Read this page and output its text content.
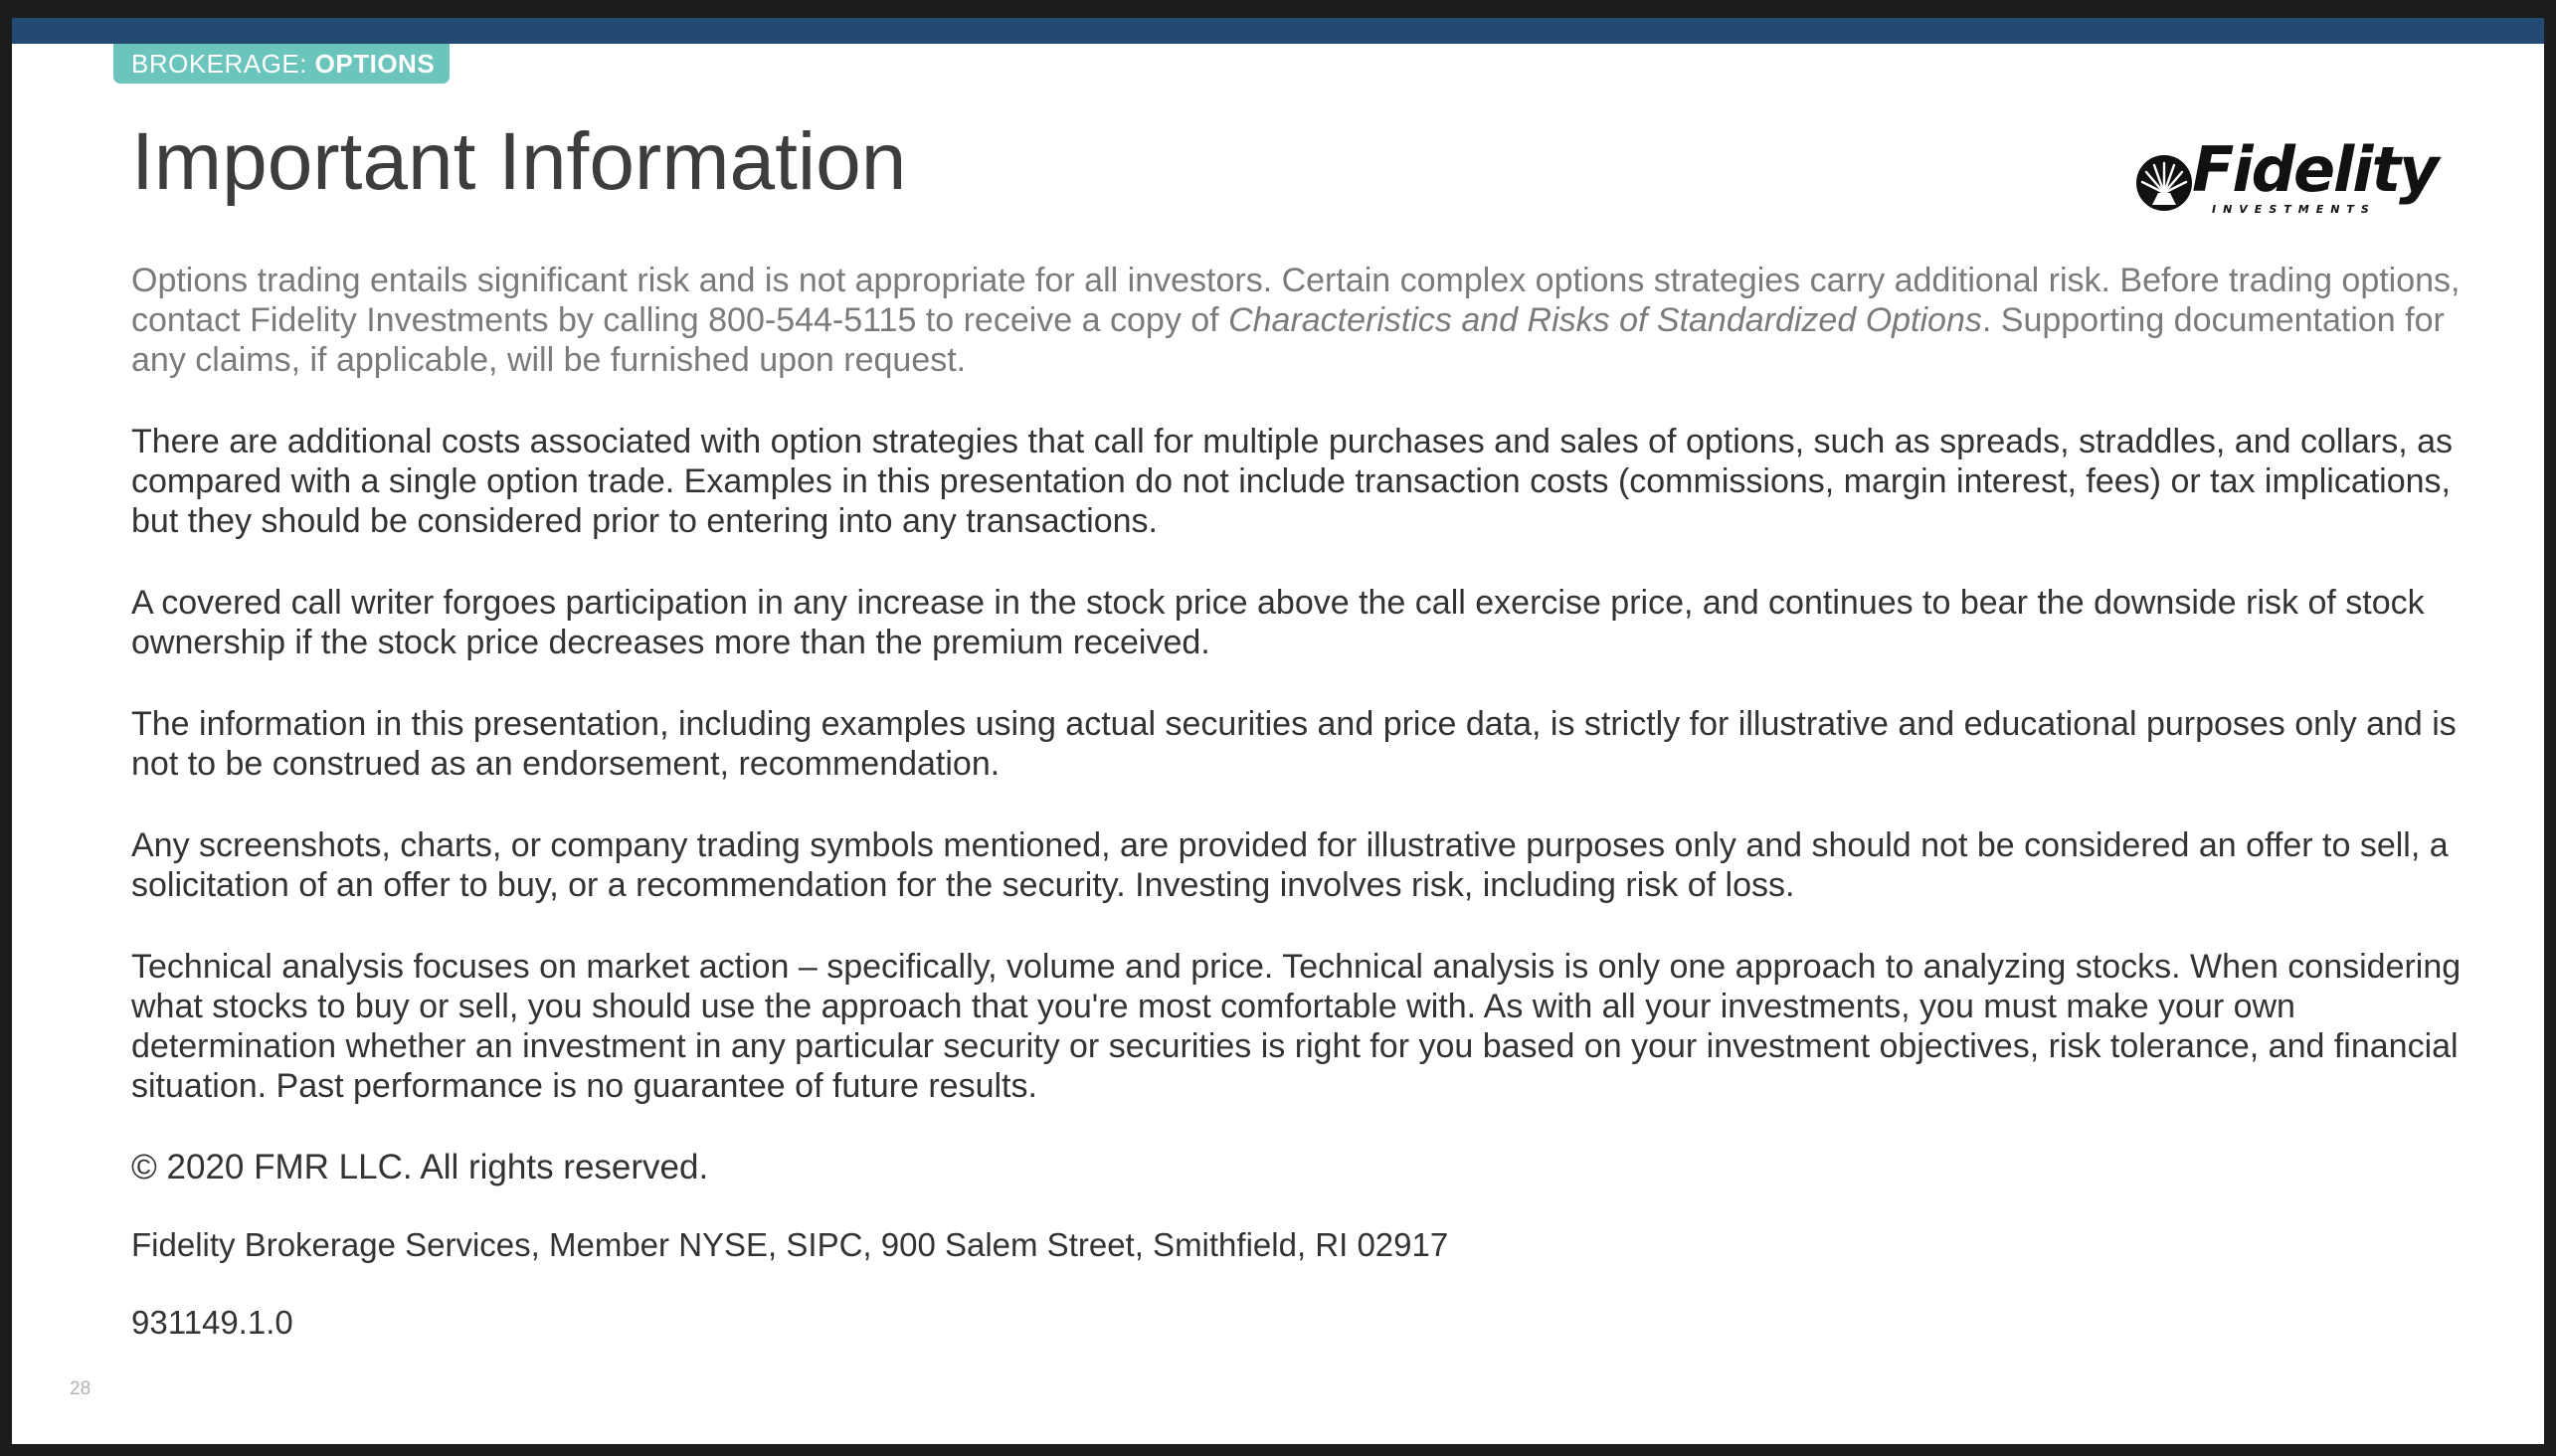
BROKERAGE: OPTIONS
Important Information	Fidelity
INVESTMENTS

Options trading entails significant risk and is not appropriate for all investors. Certain complex options strategies carry additional risk. Before trading options, contact Fidelity Investments by calling 800-544-5115 to receive a copy of Characteristics and Risks of Standardized Options. Supporting documentation for any claims, if applicable, will be furnished upon request.

There are additional costs associated with option strategies that call for multiple purchases and sales of options, such as spreads, straddles, and collars, as compared with a single option trade. Examples in this presentation do not include transaction costs (commissions, margin interest, fees) or tax implications, but they should be considered prior to entering into any transactions.

A covered call writer forgoes participation in any increase in the stock price above the call exercise price, and continues to bear the downside risk of stock ownership if the stock price decreases more than the premium received.

The information in this presentation, including examples using actual securities and price data, is strictly for illustrative and educational purposes only and is not to be construed as an endorsement, recommendation.

Any screenshots, charts, or company trading symbols mentioned, are provided for illustrative purposes only and should not be considered an offer to sell, a solicitation of an offer to buy, or a recommendation for the security. Investing involves risk, including risk of loss.

Technical analysis focuses on market action – specifically, volume and price. Technical analysis is only one approach to analyzing stocks. When considering what stocks to buy or sell, you should use the approach that you're most comfortable with. As with all your investments, you must make your own determination whether an investment in any particular security or securities is right for you based on your investment objectives, risk tolerance, and financial situation. Past performance is no guarantee of future results.

© 2020 FMR LLC. All rights reserved.

Fidelity Brokerage Services, Member NYSE, SIPC, 900 Salem Street, Smithfield, RI 02917

931149.1.0

28
